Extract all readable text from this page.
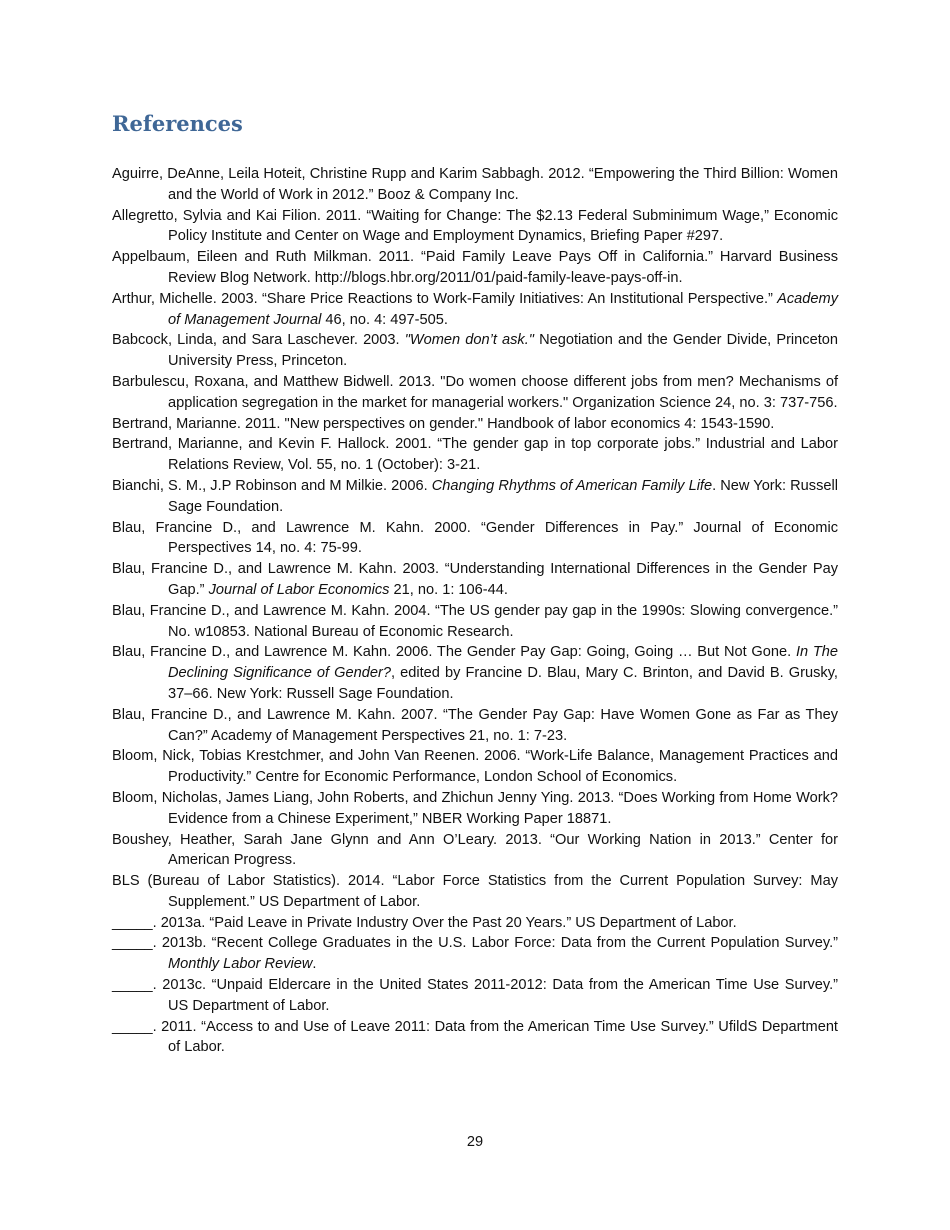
References
Aguirre, DeAnne, Leila Hoteit, Christine Rupp and Karim Sabbagh. 2012. “Empowering the Third Billion: Women and the World of Work in 2012.” Booz & Company Inc.
Allegretto, Sylvia and Kai Filion. 2011. “Waiting for Change: The $2.13 Federal Subminimum Wage,” Economic Policy Institute and Center on Wage and Employment Dynamics, Briefing Paper #297.
Appelbaum, Eileen and Ruth Milkman. 2011. “Paid Family Leave Pays Off in California.” Harvard Business Review Blog Network. http://blogs.hbr.org/2011/01/paid-family-leave-pays-off-in.
Arthur, Michelle. 2003. “Share Price Reactions to Work-Family Initiatives: An Institutional Perspective.” Academy of Management Journal 46, no. 4: 497-505.
Babcock, Linda, and Sara Laschever. 2003. "Women don’t ask." Negotiation and the Gender Divide, Princeton University Press, Princeton.
Barbulescu, Roxana, and Matthew Bidwell. 2013. "Do women choose different jobs from men? Mechanisms of application segregation in the market for managerial workers." Organization Science 24, no. 3: 737-756.
Bertrand, Marianne. 2011. "New perspectives on gender." Handbook of labor economics 4: 1543-1590.
Bertrand, Marianne, and Kevin F. Hallock. 2001. “The gender gap in top corporate jobs.” Industrial and Labor Relations Review, Vol. 55, no. 1 (October): 3-21.
Bianchi, S. M., J.P Robinson and M Milkie. 2006. Changing Rhythms of American Family Life. New York: Russell Sage Foundation.
Blau, Francine D., and Lawrence M. Kahn. 2000. “Gender Differences in Pay.” Journal of Economic Perspectives 14, no. 4: 75-99.
Blau, Francine D., and Lawrence M. Kahn. 2003. “Understanding International Differences in the Gender Pay Gap.” Journal of Labor Economics 21, no. 1: 106-44.
Blau, Francine D., and Lawrence M. Kahn. 2004. “The US gender pay gap in the 1990s: Slowing convergence.” No. w10853. National Bureau of Economic Research.
Blau, Francine D., and Lawrence M. Kahn. 2006. The Gender Pay Gap: Going, Going … But Not Gone. In The Declining Significance of Gender?, edited by Francine D. Blau, Mary C. Brinton, and David B. Grusky, 37–66. New York: Russell Sage Foundation.
Blau, Francine D., and Lawrence M. Kahn. 2007. “The Gender Pay Gap: Have Women Gone as Far as They Can?” Academy of Management Perspectives 21, no. 1: 7-23.
Bloom, Nick, Tobias Krestchmer, and John Van Reenen. 2006. “Work-Life Balance, Management Practices and Productivity.” Centre for Economic Performance, London School of Economics.
Bloom, Nicholas, James Liang, John Roberts, and Zhichun Jenny Ying. 2013. “Does Working from Home Work? Evidence from a Chinese Experiment,” NBER Working Paper 18871.
Boushey, Heather, Sarah Jane Glynn and Ann O’Leary. 2013. “Our Working Nation in 2013.” Center for American Progress.
BLS (Bureau of Labor Statistics). 2014. “Labor Force Statistics from the Current Population Survey: May Supplement.” US Department of Labor.
_____. 2013a. “Paid Leave in Private Industry Over the Past 20 Years.” US Department of Labor.
_____. 2013b. “Recent College Graduates in the U.S. Labor Force: Data from the Current Population Survey.” Monthly Labor Review.
_____. 2013c. “Unpaid Eldercare in the United States 2011-2012: Data from the American Time Use Survey.” US Department of Labor.
_____. 2011. “Access to and Use of Leave 2011: Data from the American Time Use Survey.” UfildS Department of Labor.
29
